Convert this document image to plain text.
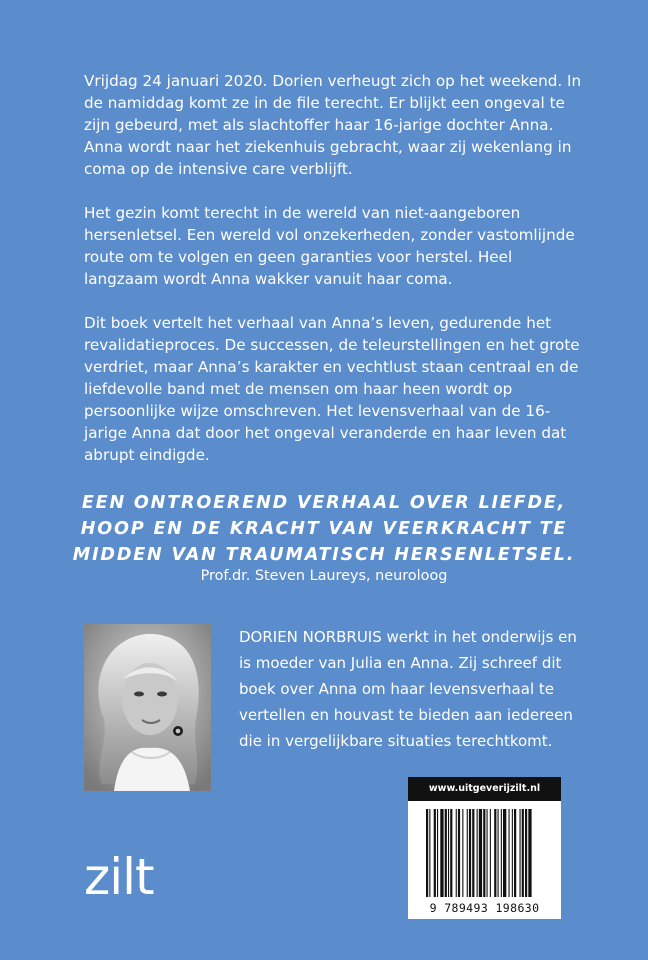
Vrijdag 24 januari 2020. Dorien verheugt zich op het weekend. In de namiddag komt ze in de file terecht. Er blijkt een ongeval te zijn gebeurd, met als slachtoffer haar 16-jarige dochter Anna. Anna wordt naar het ziekenhuis gebracht, waar zij wekenlang in coma op de intensive care verblijft.

Het gezin komt terecht in de wereld van niet-aangeboren hersenletsel. Een wereld vol onzekerheden, zonder vastomlijnde route om te volgen en geen garanties voor herstel. Heel langzaam wordt Anna wakker vanuit haar coma.

Dit boek vertelt het verhaal van Anna’s leven, gedurende het revalidatieproces. De successen, de teleurstellingen en het grote verdriet, maar Anna’s karakter en vechtlust staan centraal en de liefdevolle band met de mensen om haar heen wordt op persoonlijke wijze omschreven. Het levensverhaal van de 16-jarige Anna dat door het ongeval veranderde en haar leven dat abrupt eindigde.

EEN ONTROEREND VERHAAL OVER LIEFDE,
HOOP EN DE KRACHT VAN VEERKRACHT TE
MIDDEN VAN TRAUMATISCH HERSENLETSEL.
Prof.dr. Steven Laureys, neuroloog
DORIEN NORBRUIS werkt in het onderwijs en is moeder van Julia en Anna. Zij schreef dit boek over Anna om haar levensverhaal te vertellen en houvast te bieden aan iedereen die in vergelijkbare situaties terechtkomt.
zilt
www.uitgeverijzilt.nl
9 789493 198630
